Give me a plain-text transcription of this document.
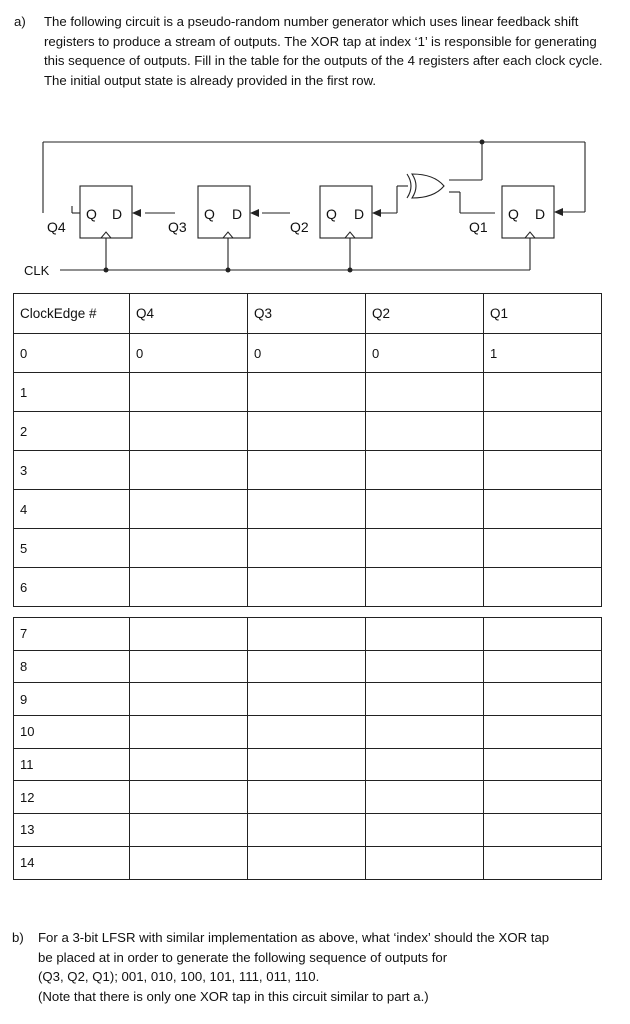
a) The following circuit is a pseudo-random number generator which uses linear feedback shift registers to produce a stream of outputs. The XOR tap at index ‘1’ is responsible for generating this sequence of outputs. Fill in the table for the outputs of the 4 registers after each clock cycle. The initial output state is already provided in the first row.
Q4	Q3	Q2	Q1
Q D	Q D	Q D	Q D
CLK
ClockEdge #	Q4	Q3	Q2	Q1
0	0	0	0	1
1				
2				
3				
4				
5				
6				
7				
8				
9				
10				
11				
12				
13				
14				
b) For a 3-bit LFSR with similar implementation as above, what ‘index’ should the XOR tap
be placed at in order to generate the following sequence of outputs for
(Q3, Q2, Q1); 001, 010, 100, 101, 111, 011, 110.
(Note that there is only one XOR tap in this circuit similar to part a.)
